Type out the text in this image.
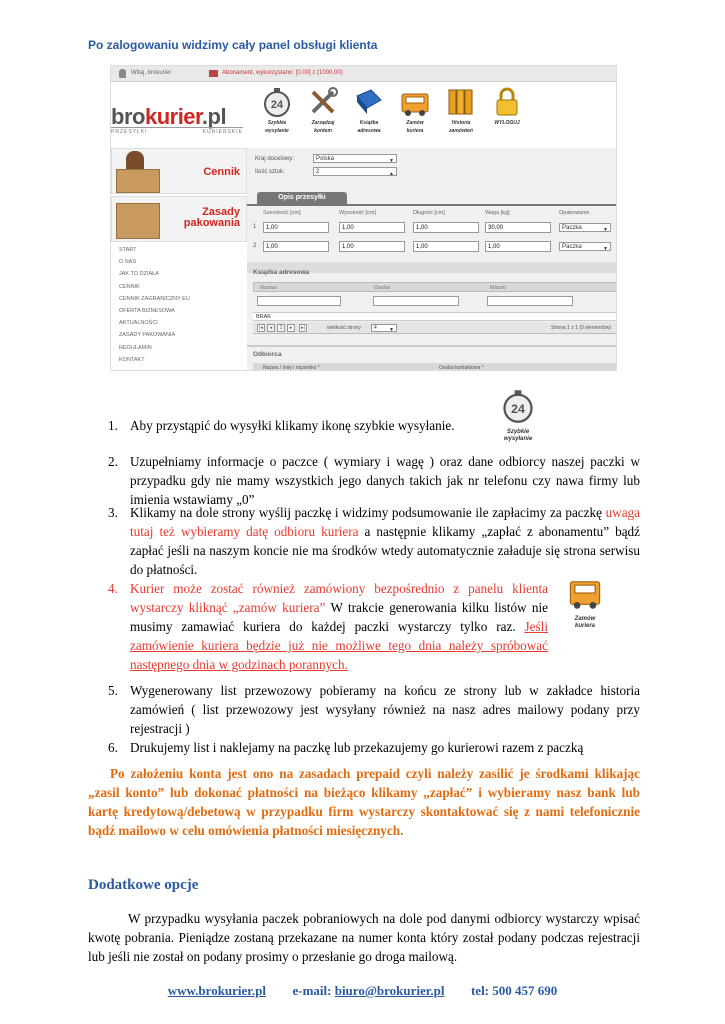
Po zalogowaniu widzimy cały panel obsługi klienta
Witaj, brokurier	Abonament, wykorzystano: [0,00] z (1000,00)
brokurier.pl
PRZESYŁKI	KURIERSKIE
24
Szybkie
wysyłanie
Zarządzaj
kontem
Książka
adresowa
Zamów
kuriera
Historia
zamówień
WYLOGUJ
Cennik
Zasady
pakowania
START
O NAS
JAK TO DZIAŁA
CENNIK
CENNIK ZAGRANICZNY EU
OFERTA BIZNESOWA
AKTUALNOŚCI
ZASADY PAKOWANIA
REGULAMIN
KONTAKT
Kraj docelowy:	Polska	▼
Ilość sztuk:	2	▲
Opis przesyłki
Szerokość [cm]	Wysokość [cm]	Długość [cm]	Waga [kg]	Opakowanie
1	1,00	1,00	1,00	30,00	Paczka	▼
2	1,00	1,00	1,00	1,00	Paczka	▼
Książka adresowa
Nazwa	Osoba	Miasto
BRAK
|◂	◂	1	▸	▸|	wielkość strony	4 ▼	Strona 1 z 1 (0 elementów)
Odbiorca
Nazwa / Imię i nazwisko *	Osoba kontaktowa *
1. Aby przystąpić do wysyłki klikamy ikonę szybkie wysyłanie.
24
Szybkie
wysyłanie
2. Uzupełniamy informacje o paczce ( wymiary i wagę ) oraz dane odbiorcy naszej paczki w przypadku gdy nie mamy wszystkich jego danych takich jak nr telefonu czy nawa firmy lub imienia wstawiamy „0”
3. Klikamy na dole strony wyślij paczkę i widzimy podsumowanie ile zapłacimy za paczkę uwaga tutaj też wybieramy datę odbioru kuriera a następnie klikamy „zapłać z abonamentu” bądź zapłać jeśli na naszym koncie nie ma środków wtedy automatycznie załaduje się strona serwisu do płatności.
4. Kurier może zostać również zamówiony bezpośrednio z panelu klienta wystarczy kliknąć „zamów kuriera” W trakcie generowania kilku listów nie musimy zamawiać kuriera do każdej paczki wystarczy tylko raz. Jeśli zamówienie kuriera będzie już nie możliwe tego dnia należy spróbować następnego dnia w godzinach porannych.
Zamów
kuriera
5. Wygenerowany list przewozowy pobieramy na końcu ze strony lub w zakładce historia zamówień ( list przewozowy jest wysyłany również na nasz adres mailowy podany przy rejestracji )
6. Drukujemy list i naklejamy na paczkę lub przekazujemy go kurierowi razem z paczką
Po założeniu konta jest ono na zasadach prepaid czyli należy zasilić je środkami klikając „zasil konto” lub dokonać płatności na bieżąco klikamy „zapłać” i wybieramy nasz bank lub kartę kredytową/debetową w przypadku firm wystarczy skontaktować się z nami telefonicznie bądź mailowo w celu omówienia płatności miesięcznych.
Dodatkowe opcje
W przypadku wysyłania paczek pobraniowych na dole pod danymi odbiorcy wystarczy wpisać kwotę pobrania. Pieniądze zostaną przekazane na numer konta który został podany podczas rejestracji lub jeśli nie został on podany prosimy o przesłanie go droga mailową.
www.brokurier.pl e-mail: biuro@brokurier.pl tel: 500 457 690
